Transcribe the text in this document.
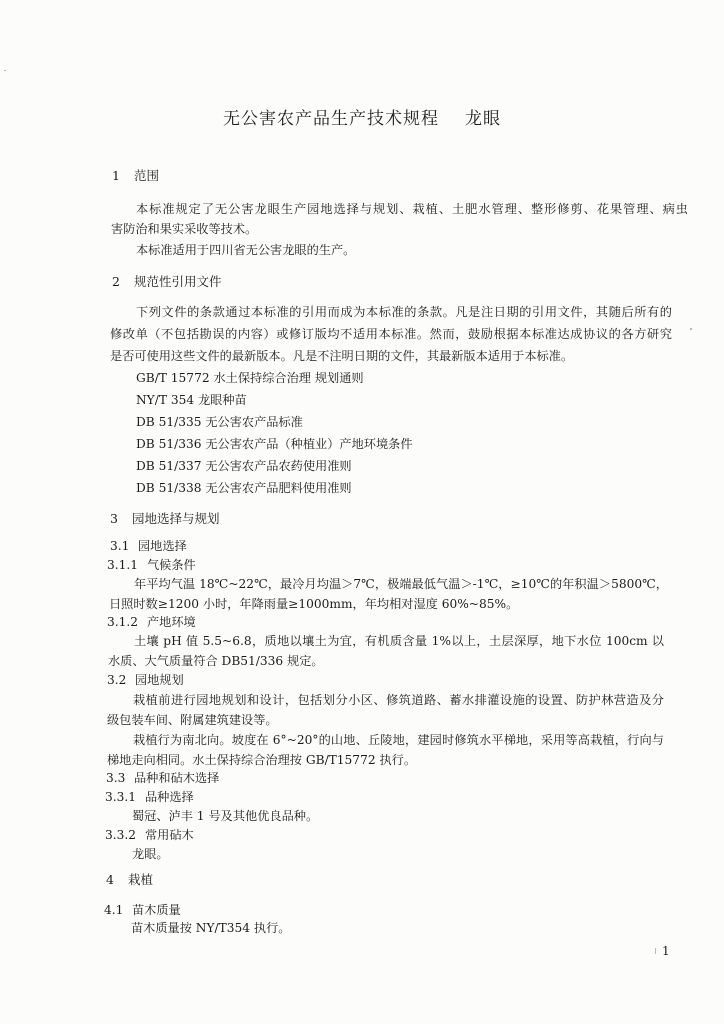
无公害农产品生产技术规程 龙眼
1 范围
本标准规定了无公害龙眼生产园地选择与规划、栽植、土肥水管理、整形修剪、花果管理、病虫
害防治和果实采收等技术。
本标准适用于四川省无公害龙眼的生产。
2 规范性引用文件
下列文件的条款通过本标准的引用而成为本标准的条款。凡是注日期的引用文件，其随后所有的
修改单（不包括勘误的内容）或修订版均不适用本标准。然而，鼓励根据本标准达成协议的各方研究
是否可使用这些文件的最新版本。凡是不注明日期的文件，其最新版本适用于本标准。
GB/T 15772 水土保持综合治理 规划通则
NY/T 354 龙眼种苗
DB 51/335 无公害农产品标准
DB 51/336 无公害农产品（种植业）产地环境条件
DB 51/337 无公害农产品农药使用准则
DB 51/338 无公害农产品肥料使用准则
3 园地选择与规划
3.1 园地选择
3.1.1 气候条件
年平均气温 18℃~22℃，最冷月均温＞7℃，极端最低气温＞-1℃，≥10℃的年积温＞5800℃，
日照时数≥1200 小时，年降雨量≥1000mm，年均相对湿度 60%~85%。
3.1.2 产地环境
土壤 pH 值 5.5~6.8，质地以壤土为宜，有机质含量 1%以上，土层深厚，地下水位 100cm 以
水质、大气质量符合 DB51/336 规定。
3.2 园地规划
栽植前进行园地规划和设计，包括划分小区、修筑道路、蓄水排灌设施的设置、防护林营造及分
级包装车间、附属建筑建设等。
栽植行为南北向。坡度在 6°~20°的山地、丘陵地，建园时修筑水平梯地，采用等高栽植，行向与
梯地走向相同。水土保持综合治理按 GB/T15772 执行。
3.3 品种和砧木选择
3.3.1 品种选择
蜀冠、泸丰 1 号及其他优良品种。
3.3.2 常用砧木
龙眼。
4 栽植
4.1 苗木质量
苗木质量按 NY/T354 执行。
1
